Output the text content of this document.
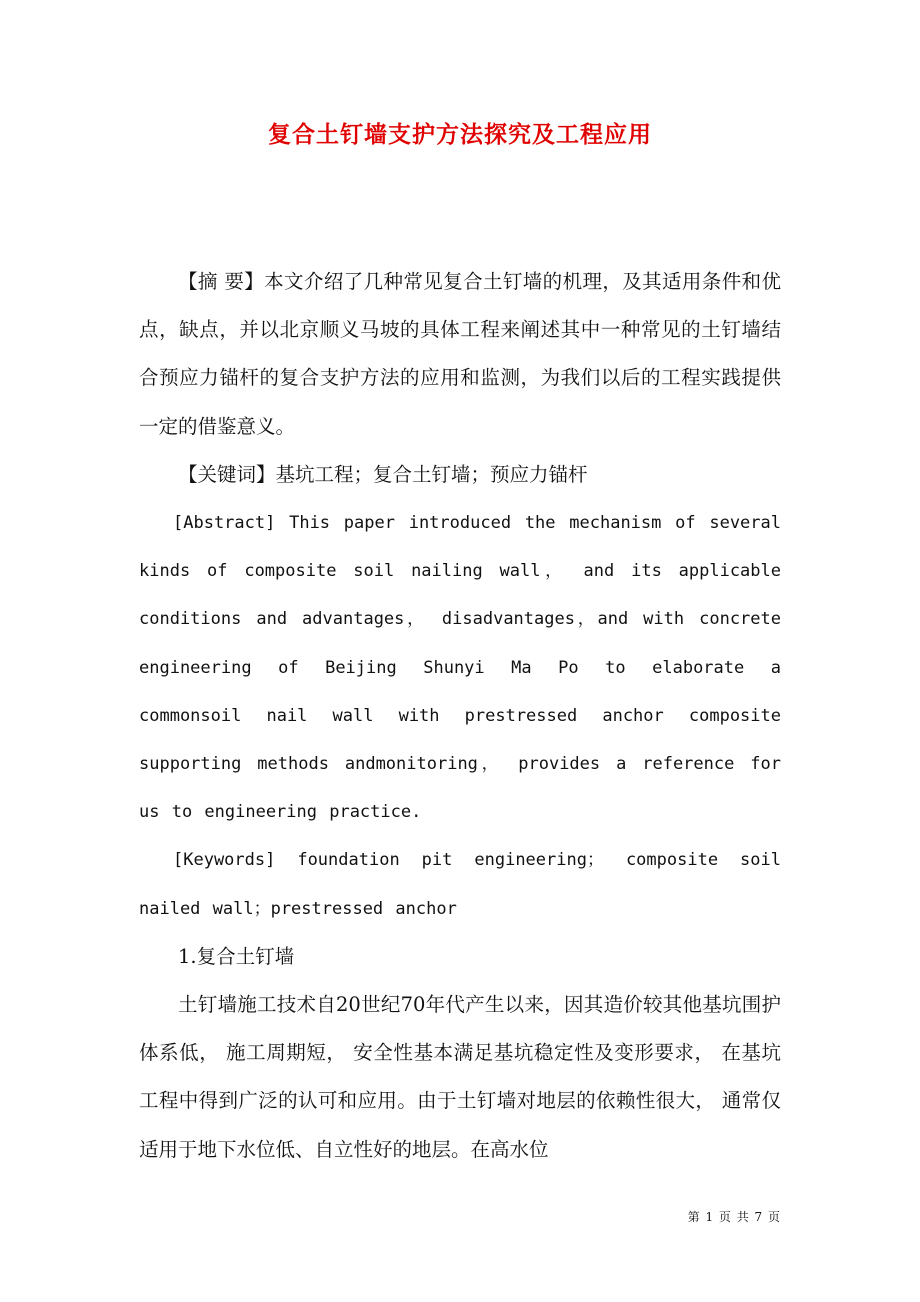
复合土钉墙支护方法探究及工程应用

【摘 要】本文介绍了几种常见复合土钉墙的机理，及其适用条件和优点，缺点，并以北京顺义马坡的具体工程来阐述其中一种常见的土钉墙结合预应力锚杆的复合支护方法的应用和监测，为我们以后的工程实践提供一定的借鉴意义。

【关键词】基坑工程；复合土钉墙；预应力锚杆

[Abstract] This paper introduced the mechanism of several kinds of composite soil nailing wall， and its applicable conditions and advantages， disadvantages，and with concrete engineering of Beijing Shunyi Ma Po to elaborate a commonsoil nail wall with prestressed anchor composite supporting methods andmonitoring， provides a reference for us to engineering practice.

[Keywords] foundation pit engineering； composite soil nailed wall；prestressed anchor

1.复合土钉墙

土钉墙施工技术自20世纪70年代产生以来，因其造价较其他基坑围护体系低， 施工周期短， 安全性基本满足基坑稳定性及变形要求， 在基坑工程中得到广泛的认可和应用。由于土钉墙对地层的依赖性很大， 通常仅适用于地下水位低、自立性好的地层。在高水位

第 1 页 共 7 页
